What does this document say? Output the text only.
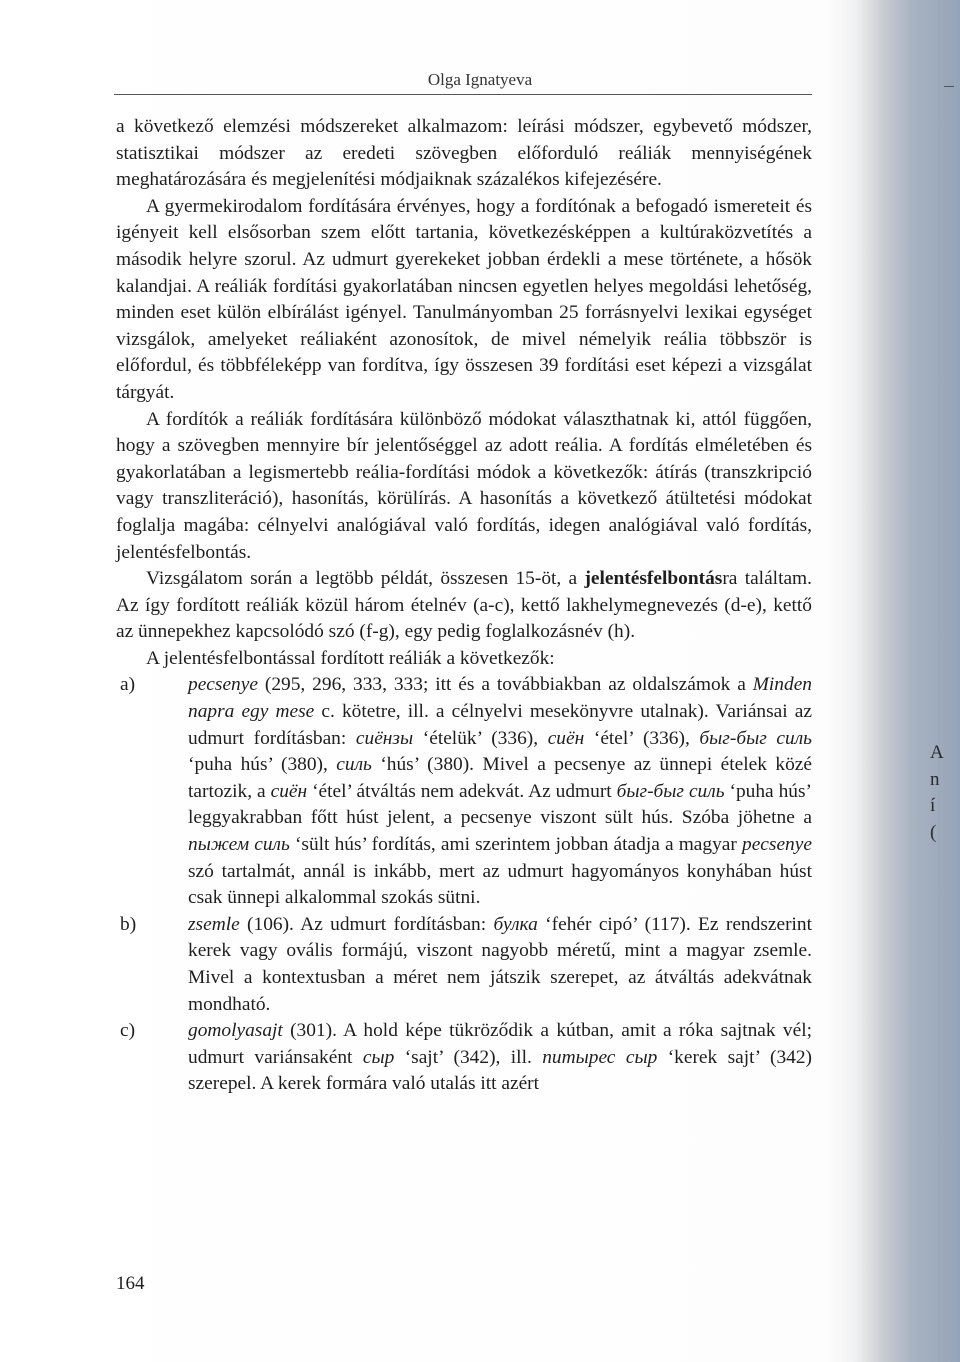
Olga Ignatyeva

a következő elemzési módszereket alkalmazom: leírási módszer, egybevető módszer, statisztikai módszer az eredeti szövegben előforduló reáliák mennyiségének meghatározására és megjelenítési módjaiknak százalékos kifejezésére.

A gyermekirodalom fordítására érvényes, hogy a fordítónak a befogadó ismereteit és igényeit kell elsősorban szem előtt tartania, következésképpen a kultúraközvetítés a második helyre szorul. Az udmurt gyerekeket jobban érdekli a mese története, a hősök kalandjai. A reáliák fordítási gyakorlatában nincsen egyetlen helyes megoldási lehetőség, minden eset külön elbírálást igényel. Tanulmányomban 25 forrásnyelvi lexikai egységet vizsgálok, amelyeket reáliaként azonosítok, de mivel némelyik reália többször is előfordul, és többféleképp van fordítva, így összesen 39 fordítási eset képezi a vizsgálat tárgyát.

A fordítók a reáliák fordítására különböző módokat választhatnak ki, attól függően, hogy a szövegben mennyire bír jelentőséggel az adott reália. A fordítás elméletében és gyakorlatában a legismertebb reália-fordítási módok a következők: átírás (transzkripció vagy transzliteráció), hasonítás, körülírás. A hasonítás a következő átültetési módokat foglalja magába: célnyelvi analógiával való fordítás, idegen analógiával való fordítás, jelentésfelbontás.

Vizsgálatom során a legtöbb példát, összesen 15-öt, a jelentésfelbontásra találtam. Az így fordított reáliák közül három ételnév (a-c), kettő lakhelymegnevezés (d-e), kettő az ünnepekhez kapcsolódó szó (f-g), egy pedig foglalkozásnév (h).

A jelentésfelbontással fordított reáliák a következők:

a)	pecsenye (295, 296, 333, 333; itt és a továbbiakban az oldalszámok a Minden napra egy mese c. kötetre, ill. a célnyelvi mesekönyvre utalnak). Variánsai az udmurt fordításban: сиёнзы ‘ételük’ (336), сиён ‘étel’ (336), быг-быг силь ‘puha hús’ (380), силь ‘hús’ (380). Mivel a pecsenye az ünnepi ételek közé tartozik, a сиён ‘étel’ átváltás nem adekvát. Az udmurt быг-быг силь ‘puha hús’ leggyakrabban főtt húst jelent, a pecsenye viszont sült hús. Szóba jöhetne a пыжем силь ‘sült hús’ fordítás, ami szerintem jobban átadja a magyar pecsenye szó tartalmát, annál is inkább, mert az udmurt hagyományos konyhában húst csak ünnepi alkalommal szokás sütni.

b)	zsemle (106). Az udmurt fordításban: булка ‘fehér cipó’ (117). Ez rendszerint kerek vagy ovális formájú, viszont nagyobb méretű, mint a magyar zsemle. Mivel a kontextusban a méret nem játszik szerepet, az átváltás adekvátnak mondható.

c)	gomolyasajt (301). A hold képe tükröződik a kútban, amit a róka sajtnak vél; udmurt variánsaként сыр ‘sajt’ (342), ill. питырес сыр ‘kerek sajt’ (342) szerepel. A kerek formára való utalás itt azért

164
A
n
í
(
